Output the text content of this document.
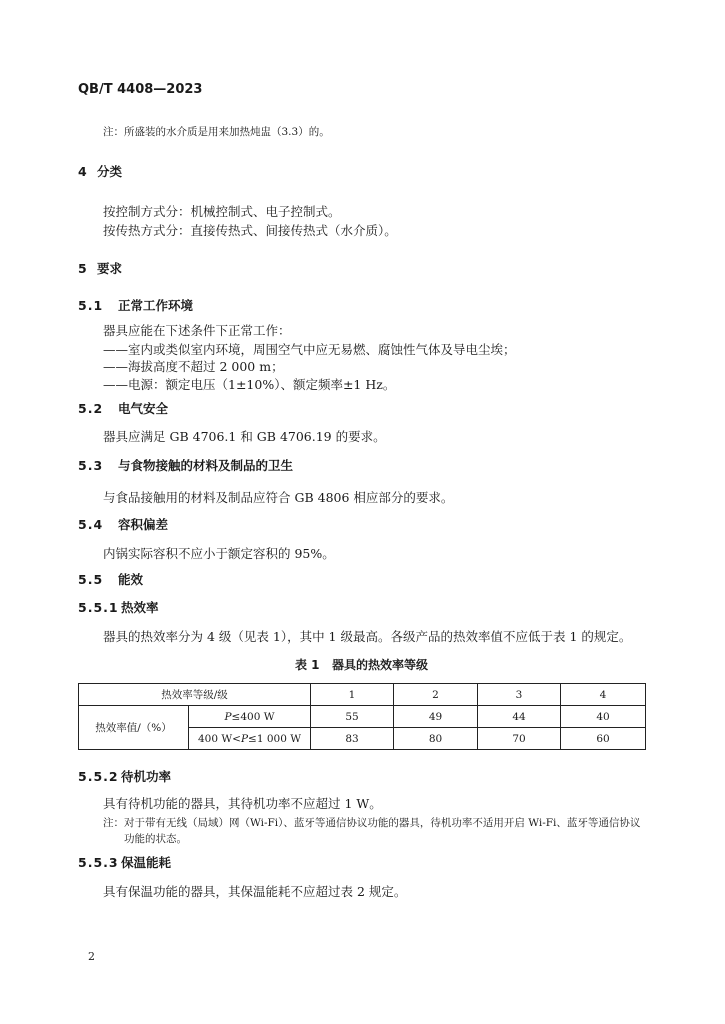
QB/T 4408—2023
注：所盛装的水介质是用来加热炖盅（3.3）的。
4 分类
按控制方式分：机械控制式、电子控制式。
按传热方式分：直接传热式、间接传热式（水介质）。
5 要求
5.1 正常工作环境
器具应能在下述条件下正常工作：
——室内或类似室内环境，周围空气中应无易燃、腐蚀性气体及导电尘埃；
——海拔高度不超过 2 000 m；
——电源：额定电压（1±10%）、额定频率±1 Hz。
5.2 电气安全
器具应满足 GB 4706.1 和 GB 4706.19 的要求。
5.3 与食物接触的材料及制品的卫生
与食品接触用的材料及制品应符合 GB 4806 相应部分的要求。
5.4 容积偏差
内锅实际容积不应小于额定容积的 95%。
5.5 能效
5.5.1 热效率
器具的热效率分为 4 级（见表 1），其中 1 级最高。各级产品的热效率值不应低于表 1 的规定。
表 1 器具的热效率等级
热效率等级/级		1	2	3	4
热效率值/（%）	P≤400 W	55	49	44	40
	400 W<P≤1 000 W	83	80	70	60
5.5.2 待机功率
具有待机功能的器具，其待机功率不应超过 1 W。
注：对于带有无线（局域）网（Wi-Fi）、蓝牙等通信协议功能的器具，待机功率不适用开启 Wi-Fi、蓝牙等通信协议功能的状态。
5.5.3 保温能耗
具有保温功能的器具，其保温能耗不应超过表 2 规定。
2
